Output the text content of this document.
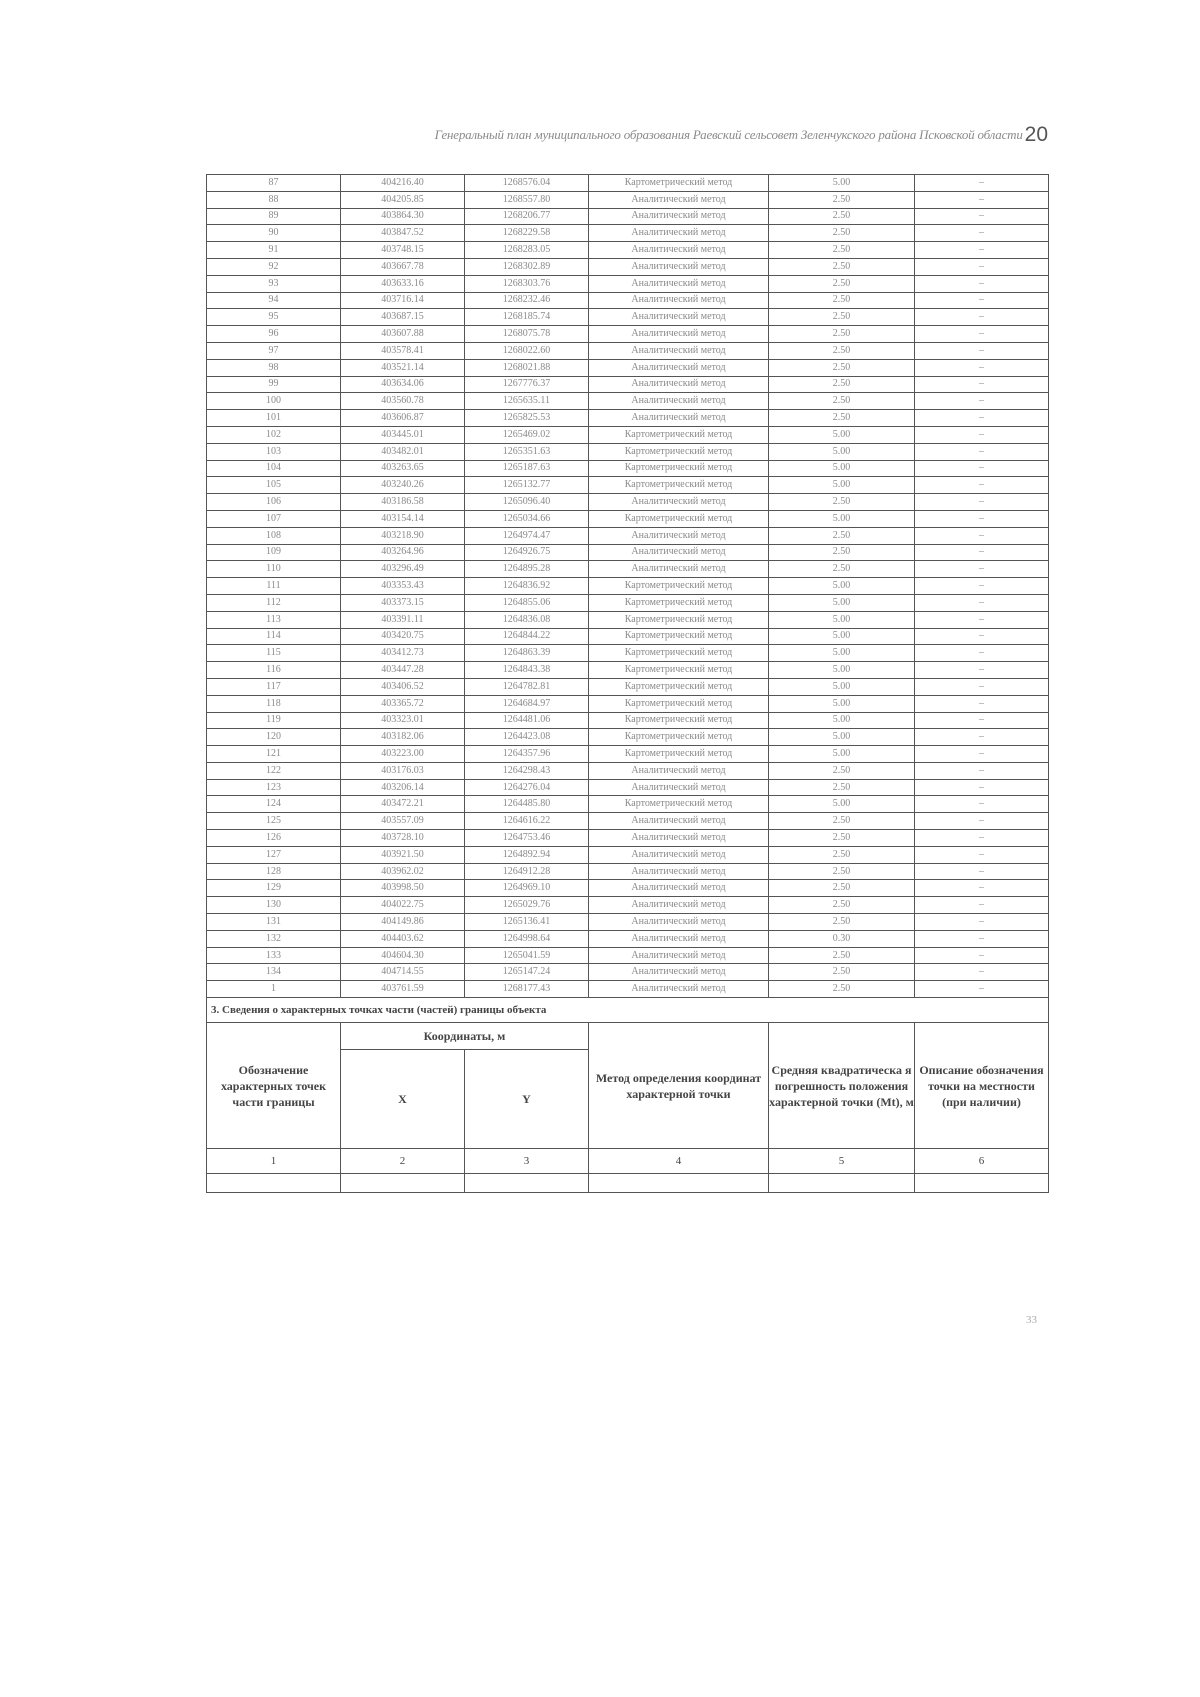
Генеральный план муниципального образования Раевский сельсовет Зеленчукского района Псковской области 20
87	404216.40	1268576.04	Картометрический метод	5.00	–
88	404205.85	1268557.80	Аналитический метод	2.50	–
89	403864.30	1268206.77	Аналитический метод	2.50	–
90	403847.52	1268229.58	Аналитический метод	2.50	–
91	403748.15	1268283.05	Аналитический метод	2.50	–
92	403667.78	1268302.89	Аналитический метод	2.50	–
93	403633.16	1268303.76	Аналитический метод	2.50	–
94	403716.14	1268232.46	Аналитический метод	2.50	–
95	403687.15	1268185.74	Аналитический метод	2.50	–
96	403607.88	1268075.78	Аналитический метод	2.50	–
97	403578.41	1268022.60	Аналитический метод	2.50	–
98	403521.14	1268021.88	Аналитический метод	2.50	–
99	403634.06	1267776.37	Аналитический метод	2.50	–
100	403560.78	1265635.11	Аналитический метод	2.50	–
101	403606.87	1265825.53	Аналитический метод	2.50	–
102	403445.01	1265469.02	Картометрический метод	5.00	–
103	403482.01	1265351.63	Картометрический метод	5.00	–
104	403263.65	1265187.63	Картометрический метод	5.00	–
105	403240.26	1265132.77	Картометрический метод	5.00	–
106	403186.58	1265096.40	Аналитический метод	2.50	–
107	403154.14	1265034.66	Картометрический метод	5.00	–
108	403218.90	1264974.47	Аналитический метод	2.50	–
109	403264.96	1264926.75	Аналитический метод	2.50	–
110	403296.49	1264895.28	Аналитический метод	2.50	–
111	403353.43	1264836.92	Картометрический метод	5.00	–
112	403373.15	1264855.06	Картометрический метод	5.00	–
113	403391.11	1264836.08	Картометрический метод	5.00	–
114	403420.75	1264844.22	Картометрический метод	5.00	–
115	403412.73	1264863.39	Картометрический метод	5.00	–
116	403447.28	1264843.38	Картометрический метод	5.00	–
117	403406.52	1264782.81	Картометрический метод	5.00	–
118	403365.72	1264684.97	Картометрический метод	5.00	–
119	403323.01	1264481.06	Картометрический метод	5.00	–
120	403182.06	1264423.08	Картометрический метод	5.00	–
121	403223.00	1264357.96	Картометрический метод	5.00	–
122	403176.03	1264298.43	Аналитический метод	2.50	–
123	403206.14	1264276.04	Аналитический метод	2.50	–
124	403472.21	1264485.80	Картометрический метод	5.00	–
125	403557.09	1264616.22	Аналитический метод	2.50	–
126	403728.10	1264753.46	Аналитический метод	2.50	–
127	403921.50	1264892.94	Аналитический метод	2.50	–
128	403962.02	1264912.28	Аналитический метод	2.50	–
129	403998.50	1264969.10	Аналитический метод	2.50	–
130	404022.75	1265029.76	Аналитический метод	2.50	–
131	404149.86	1265136.41	Аналитический метод	2.50	–
132	404403.62	1264998.64	Аналитический метод	0.30	–
133	404604.30	1265041.59	Аналитический метод	2.50	–
134	404714.55	1265147.24	Аналитический метод	2.50	–
1	403761.59	1268177.43	Аналитический метод	2.50	–
3. Сведения о характерных точках части (частей) границы объекта					
Обозначение характерных точек части границы	Координаты, м		Метод определения координат характерной точки	Средняя квадратическа я погрешность положения характерной точки (Мt), м	Описание обозначения точки на местности (при наличии)
	X	Y			
1	2	3	4	5	6

33
